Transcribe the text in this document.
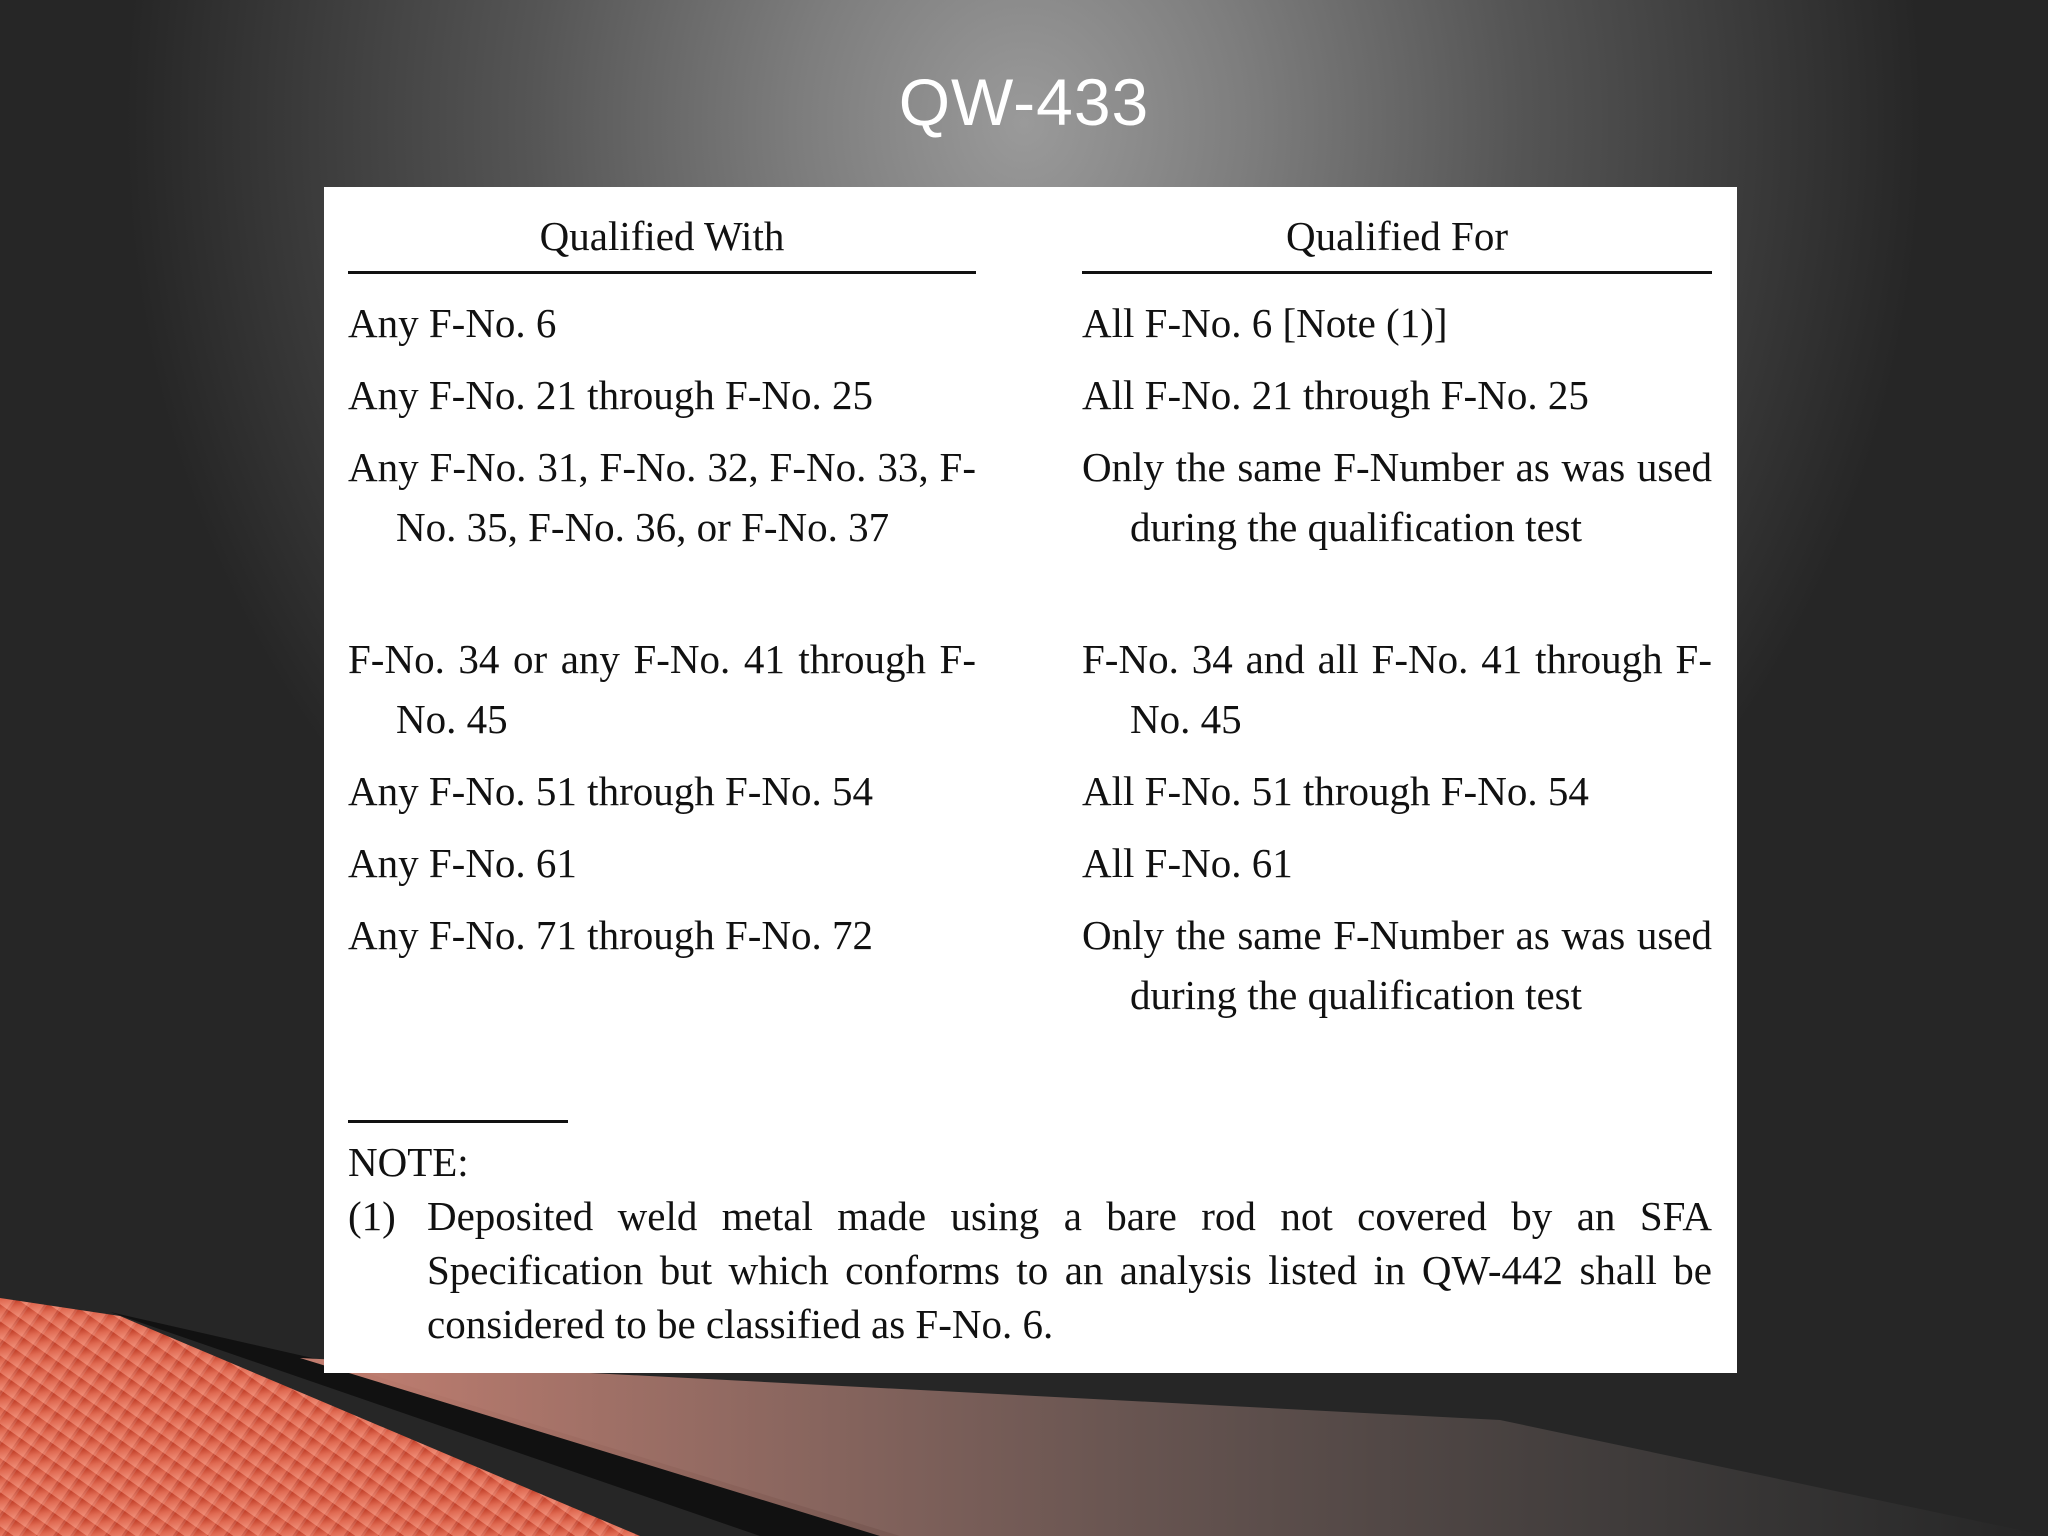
QW-433
Qualified With
Any F-No. 6
Any F-No. 21 through F-No. 25
Any F-No. 31, F-No. 32, F-No. 33, F-No. 35, F-No. 36, or F-No. 37
F-No. 34 or any F-No. 41 through F-No. 45
Any F-No. 51 through F-No. 54
Any F-No. 61
Any F-No. 71 through F-No. 72
Qualified For
All F-No. 6 [Note (1)]
All F-No. 21 through F-No. 25
Only the same F-Number as was used during the qualification test
F-No. 34 and all F-No. 41 through F-No. 45
All F-No. 51 through F-No. 54
All F-No. 61
Only the same F-Number as was used during the qualification test
NOTE:
(1) Deposited weld metal made using a bare rod not covered by an SFA Specification but which conforms to an analysis listed in QW-442 shall be considered to be classified as F-No. 6.
